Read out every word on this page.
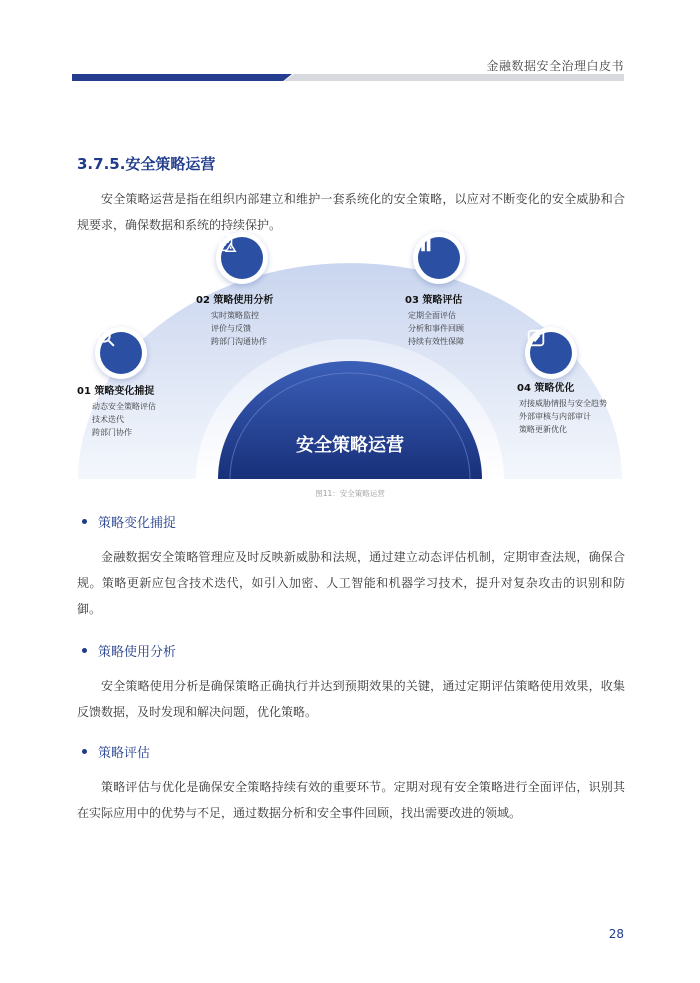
金融数据安全治理白皮书
3.7.5.安全策略运营

安全策略运营是指在组织内部建立和维护一套系统化的安全策略，以应对不断变化的安全威胁和合规要求，确保数据和系统的持续保护。

02 策略使用分析
实时策略监控
评价与反馈
跨部门沟通协作
03 策略评估
定期全面评估
分析和事件回顾
持续有效性保障
01 策略变化捕捉
动态安全策略评估
技术迭代
跨部门协作
04 策略优化
对接威胁情报与安全趋势
外部审核与内部审计
策略更新优化
安全策略运营
图11：安全策略运营
策略变化捕捉

金融数据安全策略管理应及时反映新威胁和法规，通过建立动态评估机制，定期审查法规，确保合规。策略更新应包含技术迭代，如引入加密、人工智能和机器学习技术，提升对复杂攻击的识别和防御。

策略使用分析

安全策略使用分析是确保策略正确执行并达到预期效果的关键，通过定期评估策略使用效果，收集反馈数据，及时发现和解决问题，优化策略。

策略评估

策略评估与优化是确保安全策略持续有效的重要环节。定期对现有安全策略进行全面评估，识别其在实际应用中的优势与不足，通过数据分析和安全事件回顾，找出需要改进的领域。

28
